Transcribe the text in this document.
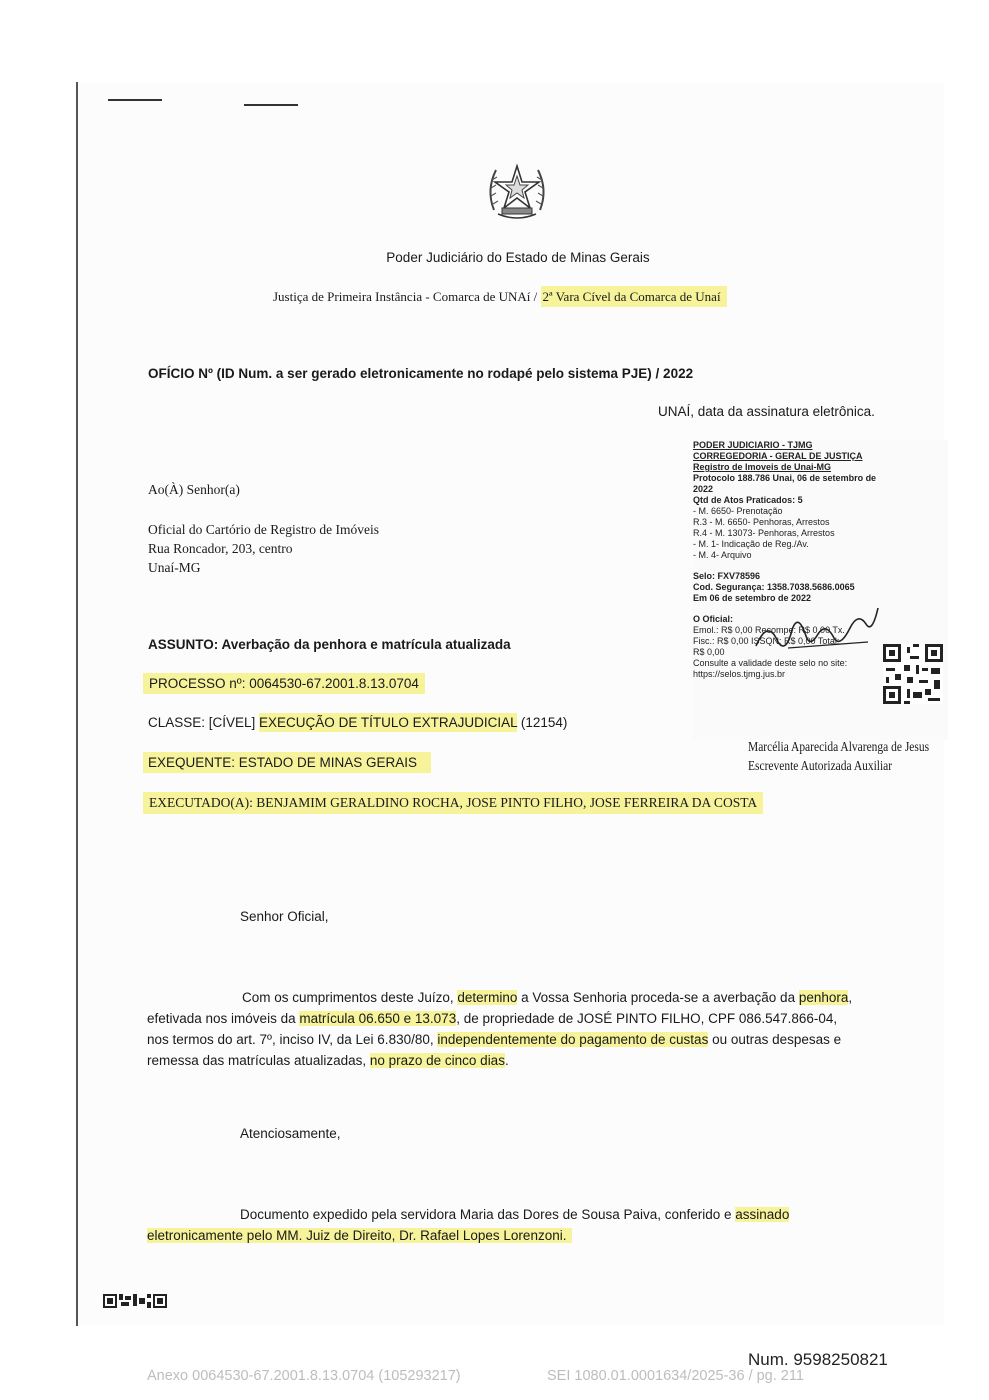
Poder Judiciário do Estado de Minas Gerais
Justiça de Primeira Instância - Comarca de UNAí / 2ª Vara Cível da Comarca de Unaí
OFÍCIO Nº (ID Num. a ser gerado eletronicamente no rodapé pelo sistema PJE) / 2022
UNAÍ, data da assinatura eletrônica.
Ao(À) Senhor(a)
Oficial do Cartório de Registro de Imóveis
Rua Roncador, 203, centro
Unaí-MG
ASSUNTO: Averbação da penhora e matrícula atualizada
PROCESSO nº: 0064530-67.2001.8.13.0704
CLASSE: [CÍVEL] EXECUÇÃO DE TÍTULO EXTRAJUDICIAL (12154)
EXEQUENTE: ESTADO DE MINAS GERAIS
EXECUTADO(A): BENJAMIM GERALDINO ROCHA, JOSE PINTO FILHO, JOSE FERREIRA DA COSTA
PODER JUDICIARIO - TJMG
CORREGEDORIA - GERAL DE JUSTIÇA
Registro de Imoveis de Unai-MG
Protocolo 188.786 Unai, 06 de setembro de
2022
Qtd de Atos Praticados: 5
- M. 6650- Prenotação
R.3 - M. 6650- Penhoras, Arrestos
R.4 - M. 13073- Penhoras, Arrestos
- M. 1- Indicação de Reg./Av.
- M. 4- Arquivo
Selo: FXV78596
Cod. Segurança: 1358.7038.5686.0065
Em 06 de setembro de 2022
O Oficial:
Emol.: R$ 0,00 Recompe: R$ 0,00 Tx.
Fisc.: R$ 0,00 ISSQN: R$ 0,00 Total:
R$ 0,00
Consulte a validade deste selo no site:
https://selos.tjmg.jus.br
Marcélia Aparecida Alvarenga de Jesus
Escrevente Autorizada Auxiliar
Senhor Oficial,
Com os cumprimentos deste Juízo, determino a Vossa Senhoria proceda-se a averbação da penhora,
efetivada nos imóveis da matrícula 06.650 e 13.073, de propriedade de JOSÉ PINTO FILHO, CPF 086.547.866-04,
nos termos do art. 7º, inciso IV, da Lei 6.830/80, independentemente do pagamento de custas ou outras despesas e
remessa das matrículas atualizadas, no prazo de cinco dias.
Atenciosamente,
Documento expedido pela servidora Maria das Dores de Sousa Paiva, conferido e assinado
eletronicamente pelo MM. Juiz de Direito, Dr. Rafael Lopes Lorenzoni.
Num. 9598250821
Anexo 0064530-67.2001.8.13.0704 (105293217)	SEI 1080.01.0001634/2025-36 / pg. 211
